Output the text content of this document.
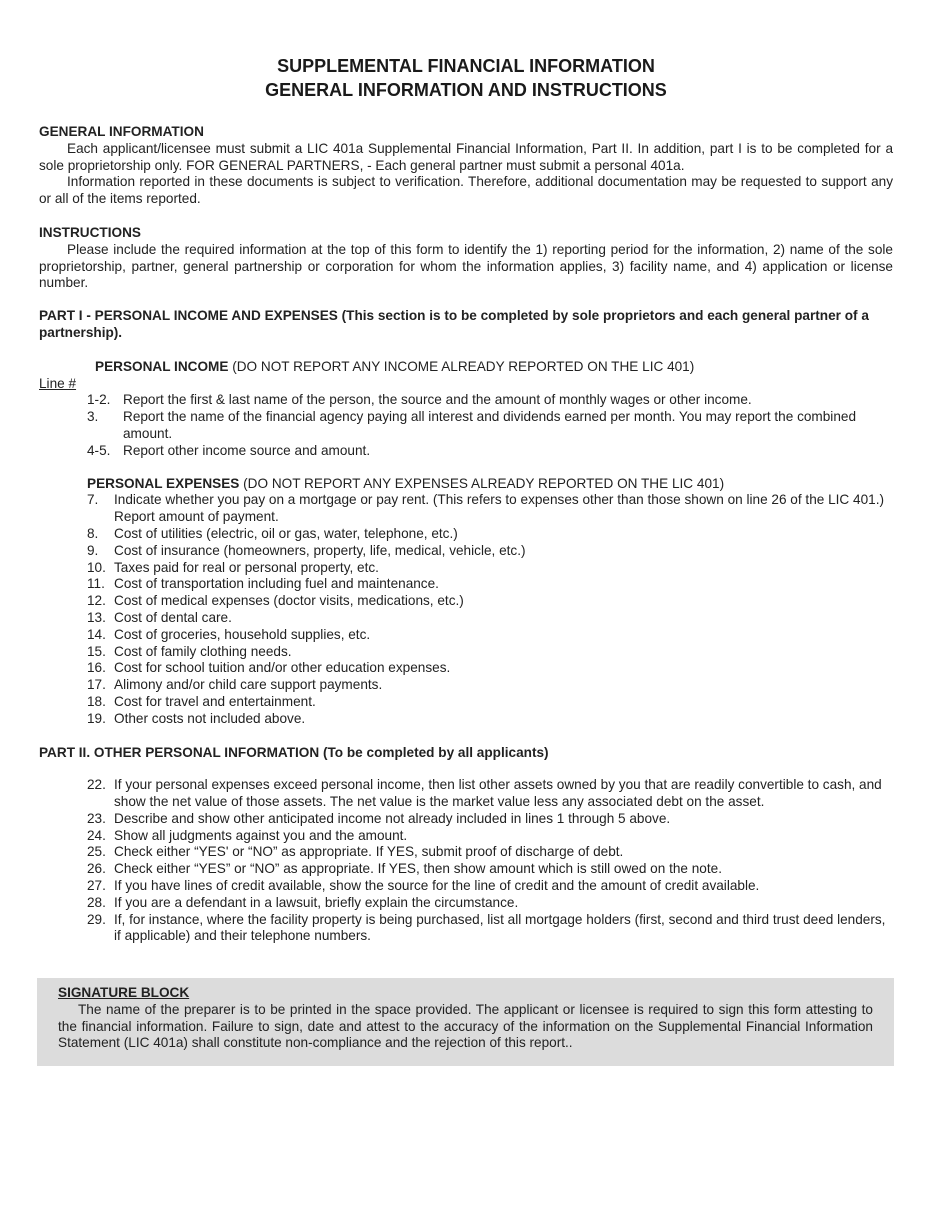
SUPPLEMENTAL FINANCIAL INFORMATION
GENERAL INFORMATION AND INSTRUCTIONS
GENERAL INFORMATION
Each applicant/licensee must submit a LIC 401a Supplemental Financial Information, Part II. In addition, part I is to be completed for a sole proprietorship only. FOR GENERAL PARTNERS, - Each general partner must submit a personal 401a.
Information reported in these documents is subject to verification. Therefore, additional documentation may be requested to support any or all of the items reported.
INSTRUCTIONS
Please include the required information at the top of this form to identify the 1) reporting period for the information, 2) name of the sole proprietorship, partner, general partnership or corporation for whom the information applies, 3) facility name, and 4) application or license number.
PART I - PERSONAL INCOME AND EXPENSES (This section is to be completed by sole proprietors and each general partner of a partnership).
PERSONAL INCOME (DO NOT REPORT ANY INCOME ALREADY REPORTED ON THE LIC 401)
Line #
1-2. Report the first & last name of the person, the source and the amount of monthly wages or other income.
3. Report the name of the financial agency paying all interest and dividends earned per month. You may report the combined amount.
4-5. Report other income source and amount.
PERSONAL EXPENSES (DO NOT REPORT ANY EXPENSES ALREADY REPORTED ON THE LIC 401)
7. Indicate whether you pay on a mortgage or pay rent. (This refers to expenses other than those shown on line 26 of the LIC 401.) Report amount of payment.
8. Cost of utilities (electric, oil or gas, water, telephone, etc.)
9. Cost of insurance (homeowners, property, life, medical, vehicle, etc.)
10. Taxes paid for real or personal property, etc.
11. Cost of transportation including fuel and maintenance.
12. Cost of medical expenses (doctor visits, medications, etc.)
13. Cost of dental care.
14. Cost of groceries, household supplies, etc.
15. Cost of family clothing needs.
16. Cost for school tuition and/or other education expenses.
17. Alimony and/or child care support payments.
18. Cost for travel and entertainment.
19. Other costs not included above.
PART II. OTHER PERSONAL INFORMATION (To be completed by all applicants)
22. If your personal expenses exceed personal income, then list other assets owned by you that are readily convertible to cash, and show the net value of those assets. The net value is the market value less any associated debt on the asset.
23. Describe and show other anticipated income not already included in lines 1 through 5 above.
24. Show all judgments against you and the amount.
25. Check either “YES' or “NO” as appropriate. If YES, submit proof of discharge of debt.
26. Check either “YES” or “NO” as appropriate. If YES, then show amount which is still owed on the note.
27. If you have lines of credit available, show the source for the line of credit and the amount of credit available.
28. If you are a defendant in a lawsuit, briefly explain the circumstance.
29. If, for instance, where the facility property is being purchased, list all mortgage holders (first, second and third trust deed lenders, if applicable) and their telephone numbers.
SIGNATURE BLOCK
The name of the preparer is to be printed in the space provided. The applicant or licensee is required to sign this form attesting to the financial information. Failure to sign, date and attest to the accuracy of the information on the Supplemental Financial Information Statement (LIC 401a) shall constitute non-compliance and the rejection of this report..
